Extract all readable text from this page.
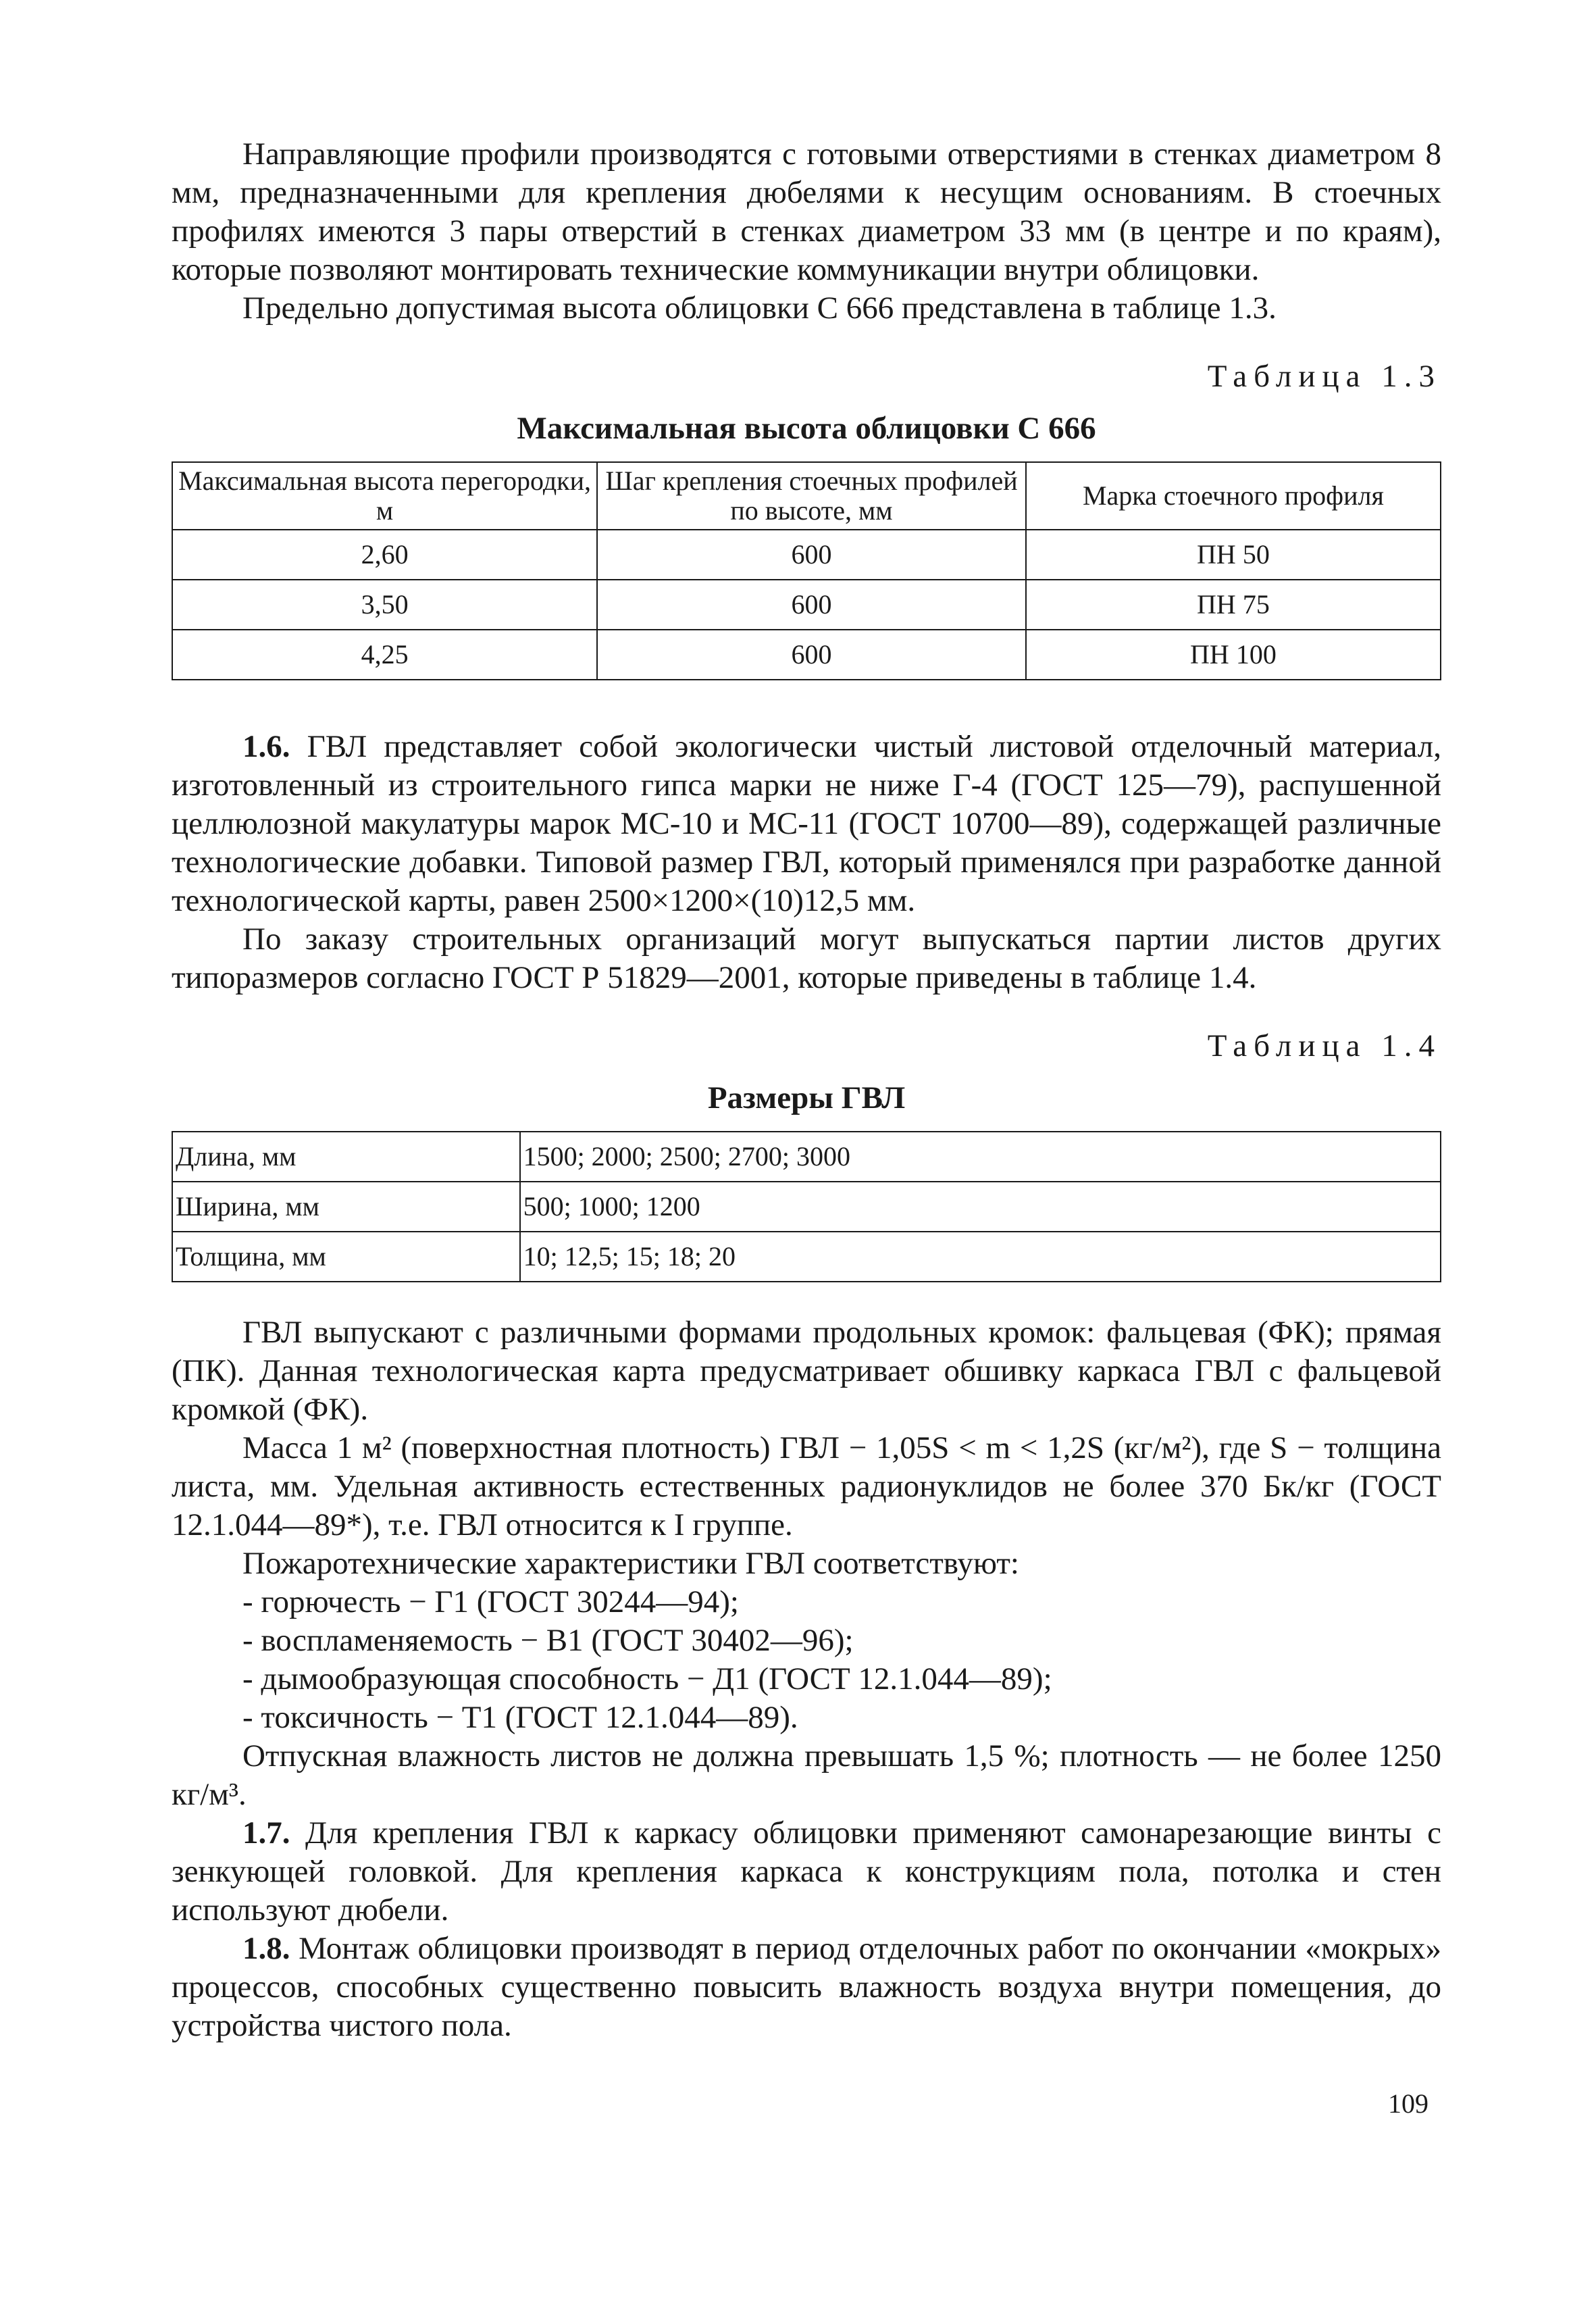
Направляющие профили производятся с готовыми отверстиями в стенках диаметром 8 мм, предназначенными для крепления дюбелями к несущим основаниям. В стоечных профилях имеются 3 пары отверстий в стенках диаметром 33 мм (в центре и по краям), которые позволяют монтировать технические коммуникации внутри облицовки.

Предельно допустимая высота облицовки С 666 представлена в таблице 1.3.

Таблица 1.3
Максимальная высота облицовки С 666
Максимальная высота перегородки, м	Шаг крепления стоечных профилей по высоте, мм	Марка стоечного профиля
2,60	600	ПН 50
3,50	600	ПН 75
4,25	600	ПН 100

1.6. ГВЛ представляет собой экологически чистый листовой отделочный материал, изготовленный из строительного гипса марки не ниже Г-4 (ГОСТ 125—79), распушенной целлюлозной макулатуры марок МС-10 и МС-11 (ГОСТ 10700—89), содержащей различные технологические добавки. Типовой размер ГВЛ, который применялся при разработке данной технологической карты, равен 2500×1200×(10)12,5 мм.

По заказу строительных организаций могут выпускаться партии листов других типоразмеров согласно ГОСТ Р 51829—2001, которые приведены в таблице 1.4.

Таблица 1.4
Размеры ГВЛ
Длина, мм	1500; 2000; 2500; 2700; 3000
Ширина, мм	500; 1000; 1200
Толщина, мм	10; 12,5; 15; 18; 20

ГВЛ выпускают с различными формами продольных кромок: фальцевая (ФК); прямая (ПК). Данная технологическая карта предусматривает обшивку каркаса ГВЛ с фальцевой кромкой (ФК).

Масса 1 м² (поверхностная плотность) ГВЛ − 1,05S < m < 1,2S (кг/м²), где S − толщина листа, мм. Удельная активность естественных радионуклидов не более 370 Бк/кг (ГОСТ 12.1.044—89*), т.е. ГВЛ относится к I группе.

Пожаротехнические характеристики ГВЛ соответствуют:

- горючесть − Г1 (ГОСТ 30244—94);

- воспламеняемость − В1 (ГОСТ 30402—96);

- дымообразующая способность − Д1 (ГОСТ 12.1.044—89);

- токсичность − Т1 (ГОСТ 12.1.044—89).

Отпускная влажность листов не должна превышать 1,5 %; плотность — не более 1250 кг/м³.

1.7. Для крепления ГВЛ к каркасу облицовки применяют самонарезающие винты с зенкующей головкой. Для крепления каркаса к конструкциям пола, потолка и стен используют дюбели.

1.8. Монтаж облицовки производят в период отделочных работ по окончании «мокрых» процессов, способных существенно повысить влажность воздуха внутри помещения, до устройства чистого пола.

109
